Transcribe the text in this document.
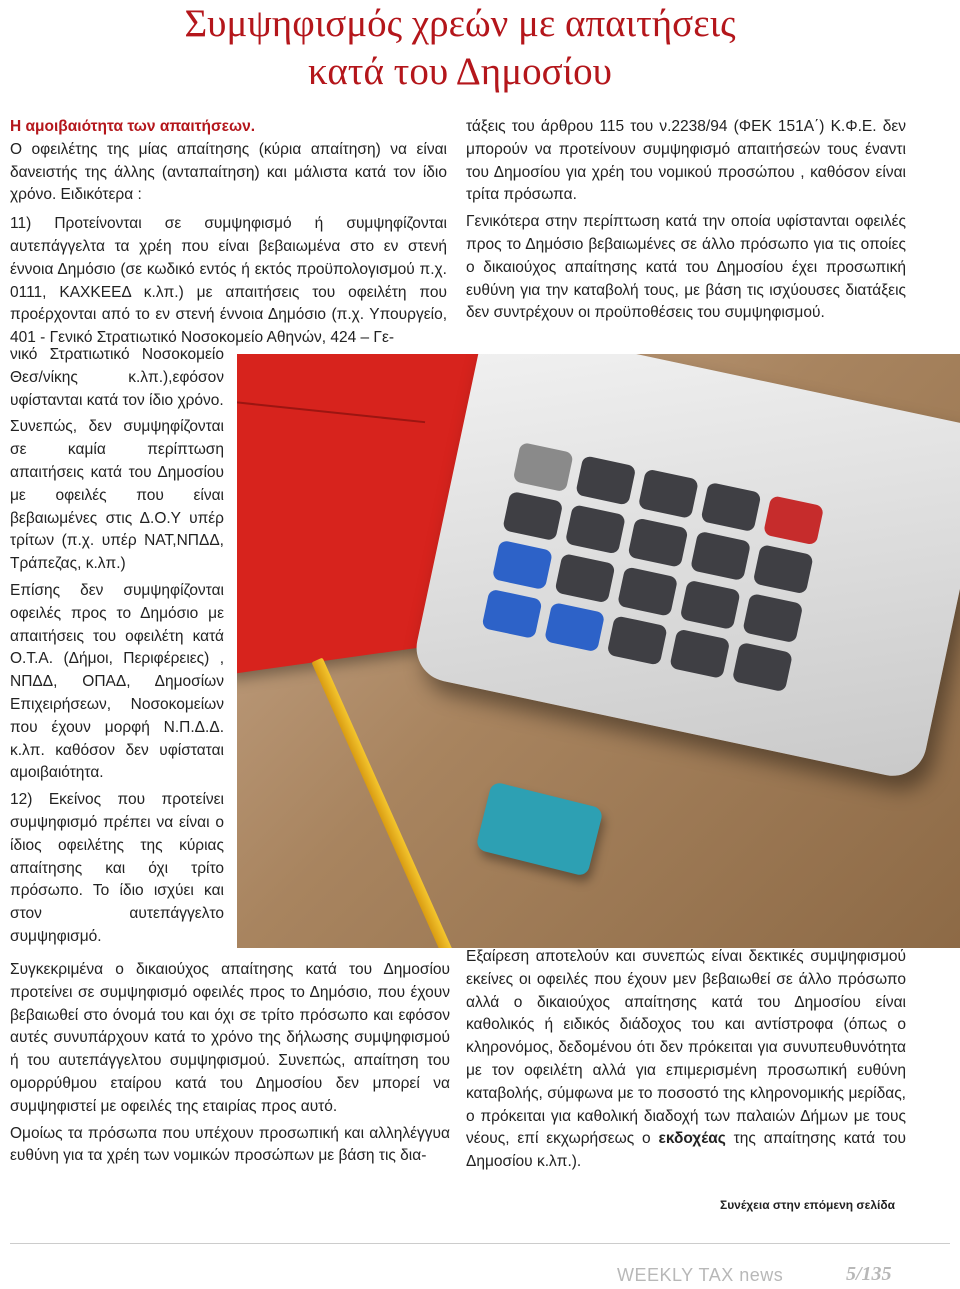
Συμψηφισμός χρεών με απαιτήσεις
κατά του Δημοσίου

Η αμοιβαιότητα των απαιτήσεων.

Ο οφειλέτης της μίας απαίτησης (κύρια απαίτηση) να είναι δανειστής της άλλης (ανταπαίτηση) και μάλιστα κατά τον ίδιο χρόνο. Ειδικότερα :

11) Προτείνονται σε συμψηφισμό ή συμψηφίζονται αυτεπάγγελτα τα χρέη που είναι βεβαιωμένα στο εν στενή έννοια Δημόσιο (σε κωδικό εντός ή εκτός προϋπολογισμού π.χ. 0111, ΚΑΧΚΕΕΔ κ.λπ.) με απαιτήσεις του οφειλέτη που προέρχονται από το εν στενή έννοια Δημόσιο (π.χ. Υπουργείο, 401 - Γενικό Στρατιωτικό Νοσοκομείο Αθηνών, 424 – Γε-

νικό Στρατιωτικό Νοσοκομείο Θεσ/νίκης κ.λπ.),εφόσον υφίστανται κατά τον ίδιο χρόνο.

Συνεπώς, δεν συμψηφίζονται σε καμία περίπτωση απαιτήσεις κατά του Δημοσίου με οφειλές που είναι βεβαιωμένες στις Δ.Ο.Υ υπέρ τρίτων (π.χ. υπέρ ΝΑΤ,ΝΠΔΔ, Τράπεζας, κ.λπ.)

Επίσης δεν συμψηφίζονται οφειλές προς το Δημόσιο με απαιτήσεις του οφειλέτη κατά Ο.Τ.Α. (Δήμοι, Περιφέρειες) , ΝΠΔΔ, ΟΠΑΔ, Δημοσίων Επιχειρήσεων, Νοσοκομείων που έχουν μορφή Ν.Π.Δ.Δ. κ.λπ. καθόσον δεν υφίσταται αμοιβαιότητα.

12) Εκείνος που προτείνει συμψηφισμό πρέπει να είναι ο ίδιος οφειλέτης της κύριας απαίτησης και όχι τρίτο πρόσωπο. Το ίδιο ισχύει και στον αυτεπάγγελτο συμψηφισμό.

Συγκεκριμένα ο δικαιούχος απαίτησης κατά του Δημοσίου προτείνει σε συμψηφισμό οφειλές προς το Δημόσιο, που έχουν βεβαιωθεί στο όνομά του και όχι σε τρίτο πρόσωπο και εφόσον αυτές συνυπάρχουν κατά το χρόνο της δήλωσης συμψηφισμού ή του αυτεπάγγελτου συμψηφισμού. Συνεπώς, απαίτηση του ομορρύθμου εταίρου κατά του Δημοσίου δεν μπορεί να συμψηφιστεί με οφειλές της εταιρίας προς αυτό.

Ομοίως τα πρόσωπα που υπέχουν προσωπική και αλληλέγγυα ευθύνη για τα χρέη των νομικών προσώπων με βάση τις δια-

τάξεις του άρθρου 115 του ν.2238/94 (ΦΕΚ 151Α΄) Κ.Φ.Ε. δεν μπορούν να προτείνουν συμψηφισμό απαιτήσεών τους έναντι του Δημοσίου για χρέη του νομικού προσώπου , καθόσον είναι τρίτα πρόσωπα.

Γενικότερα στην περίπτωση κατά την οποία υφίστανται οφειλές προς το Δημόσιο βεβαιωμένες σε άλλο πρόσωπο για τις οποίες ο δικαιούχος απαίτησης κατά του Δημοσίου έχει προσωπική ευθύνη για την καταβολή τους, με βάση τις ισχύουσες διατάξεις δεν συντρέχουν οι προϋποθέσεις του συμψηφισμού.

Εξαίρεση αποτελούν και συνεπώς είναι δεκτικές συμψηφισμού εκείνες οι οφειλές που έχουν μεν βεβαιωθεί σε άλλο πρόσωπο αλλά ο δικαιούχος απαίτησης κατά του Δημοσίου είναι καθολικός ή ειδικός διάδοχος του και αντίστροφα (όπως ο κληρονόμος, δεδομένου ότι δεν πρόκειται για συνυπευθυνότητα με τον οφειλέτη αλλά για επιμερισμένη προσωπική ευθύνη καταβολής, σύμφωνα με το ποσοστό της κληρονομικής μερίδας, ο πρόκειται για καθολική διαδοχή των παλαιών Δήμων με τους νέους, επί εκχωρήσεως ο εκδοχέας της απαίτησης κατά του Δημοσίου κ.λπ.).

Συνέχεια στην επόμενη σελίδα
WEEKLY TAX news	5/135
